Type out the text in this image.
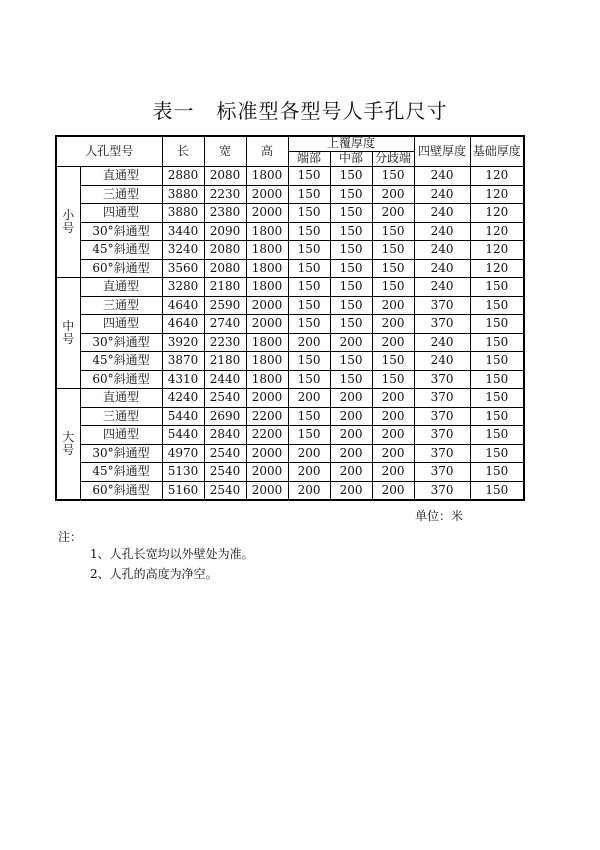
表一   标准型各型号人手孔尺寸
人孔型号		长	宽	高	上覆厚度			四壁厚度	基础厚度
					端部	中部	分歧端		
小
号	直通型	2880	2080	1800	150	150	150	240	120
	三通型	3880	2230	2000	150	150	200	240	120
	四通型	3880	2380	2000	150	150	200	240	120
	30°斜通型	3440	2090	1800	150	150	150	240	120
	45°斜通型	3240	2080	1800	150	150	150	240	120
	60°斜通型	3560	2080	1800	150	150	150	240	120
中
号	直通型	3280	2180	1800	150	150	150	240	150
	三通型	4640	2590	2000	150	150	200	370	150
	四通型	4640	2740	2000	150	150	200	370	150
	30°斜通型	3920	2230	1800	200	200	200	240	150
	45°斜通型	3870	2180	1800	150	150	150	240	150
	60°斜通型	4310	2440	1800	150	150	150	370	150
大
号	直通型	4240	2540	2000	200	200	200	370	150
	三通型	5440	2690	2200	150	200	200	370	150
	四通型	5440	2840	2200	150	200	200	370	150
	30°斜通型	4970	2540	2000	200	200	200	370	150
	45°斜通型	5130	2540	2000	200	200	200	370	150
	60°斜通型	5160	2540	2000	200	200	200	370	150
单位：米
注：
1、人孔长宽均以外壁处为准。
2、人孔的高度为净空。
